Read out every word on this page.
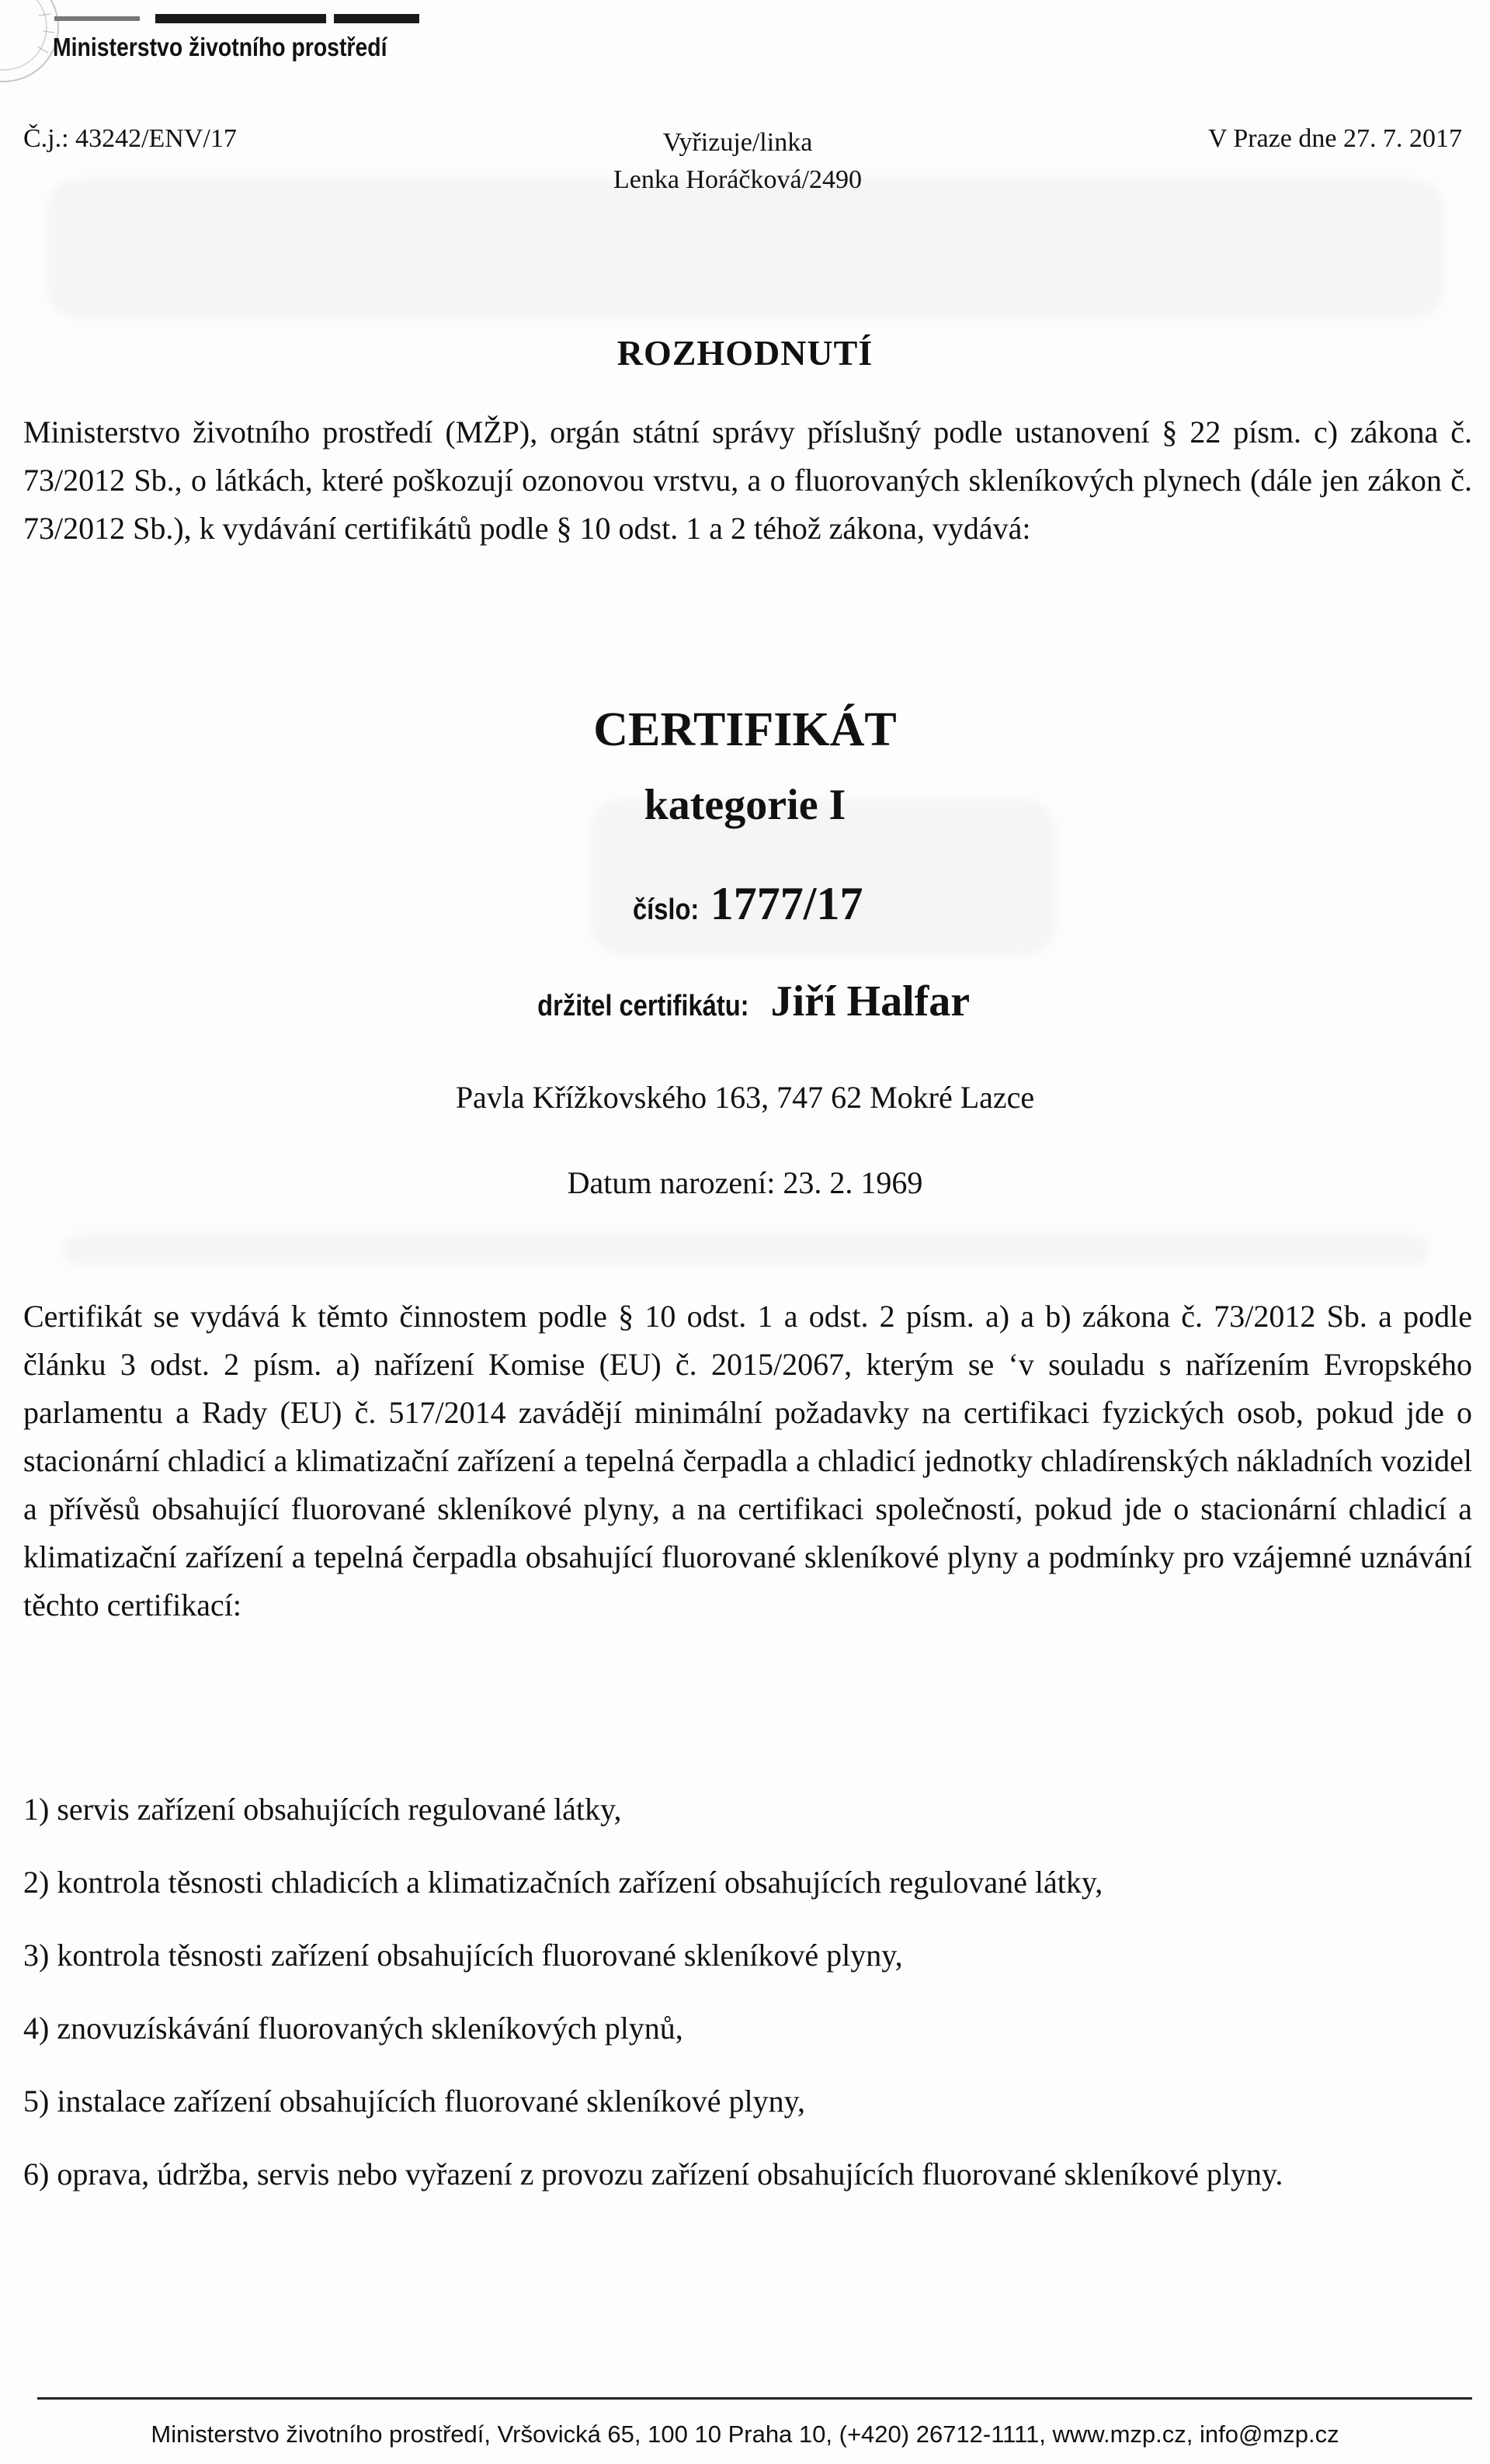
Ministerstvo životního prostředí
Č.j.: 43242/ENV/17	Vyřizuje/linka
Lenka Horáčková/2490
V Praze dne 27. 7. 2017
ROZHODNUTÍ

Ministerstvo životního prostředí (MŽP), orgán státní správy příslušný podle ustanovení § 22 písm. c) zákona č. 73/2012 Sb., o látkách, které poškozují ozonovou vrstvu, a o fluorovaných skleníkových plynech (dále jen zákon č. 73/2012 Sb.), k vydávání certifikátů podle § 10 odst. 1 a 2 téhož zákona, vydává:

CERTIFIKÁT
kategorie I
číslo: 1777/17
držitel certifikátu: Jiří Halfar
Pavla Křížkovského 163, 747 62 Mokré Lazce
Datum narození: 23. 2. 1969

Certifikát se vydává k těmto činnostem podle § 10 odst. 1 a odst. 2 písm. a) a b) zákona č. 73/2012 Sb. a podle článku 3 odst. 2 písm. a) nařízení Komise (EU) č. 2015/2067, kterým se ‘v souladu s nařízením Evropského parlamentu a Rady (EU) č. 517/2014 zavádějí minimální požadavky na certifikaci fyzických osob, pokud jde o stacionární chladicí a klimatizační zařízení a tepelná čerpadla a chladicí jednotky chladírenských nákladních vozidel a přívěsů obsahující fluorované skleníkové plyny, a na certifikaci společností, pokud jde o stacionární chladicí a klimatizační zařízení a tepelná čerpadla obsahující fluorované skleníkové plyny a podmínky pro vzájemné uznávání těchto certifikací:

1) servis zařízení obsahujících regulované látky,
2) kontrola těsnosti chladicích a klimatizačních zařízení obsahujících regulované látky,
3) kontrola těsnosti zařízení obsahujících fluorované skleníkové plyny,
4) znovuzískávání fluorovaných skleníkových plynů,
5) instalace zařízení obsahujících fluorované skleníkové plyny,
6) oprava, údržba, servis nebo vyřazení z provozu zařízení obsahujících fluorované skleníkové plyny.
Ministerstvo životního prostředí, Vršovická 65, 100 10 Praha 10, (+420) 26712-1111, www.mzp.cz, info@mzp.cz
